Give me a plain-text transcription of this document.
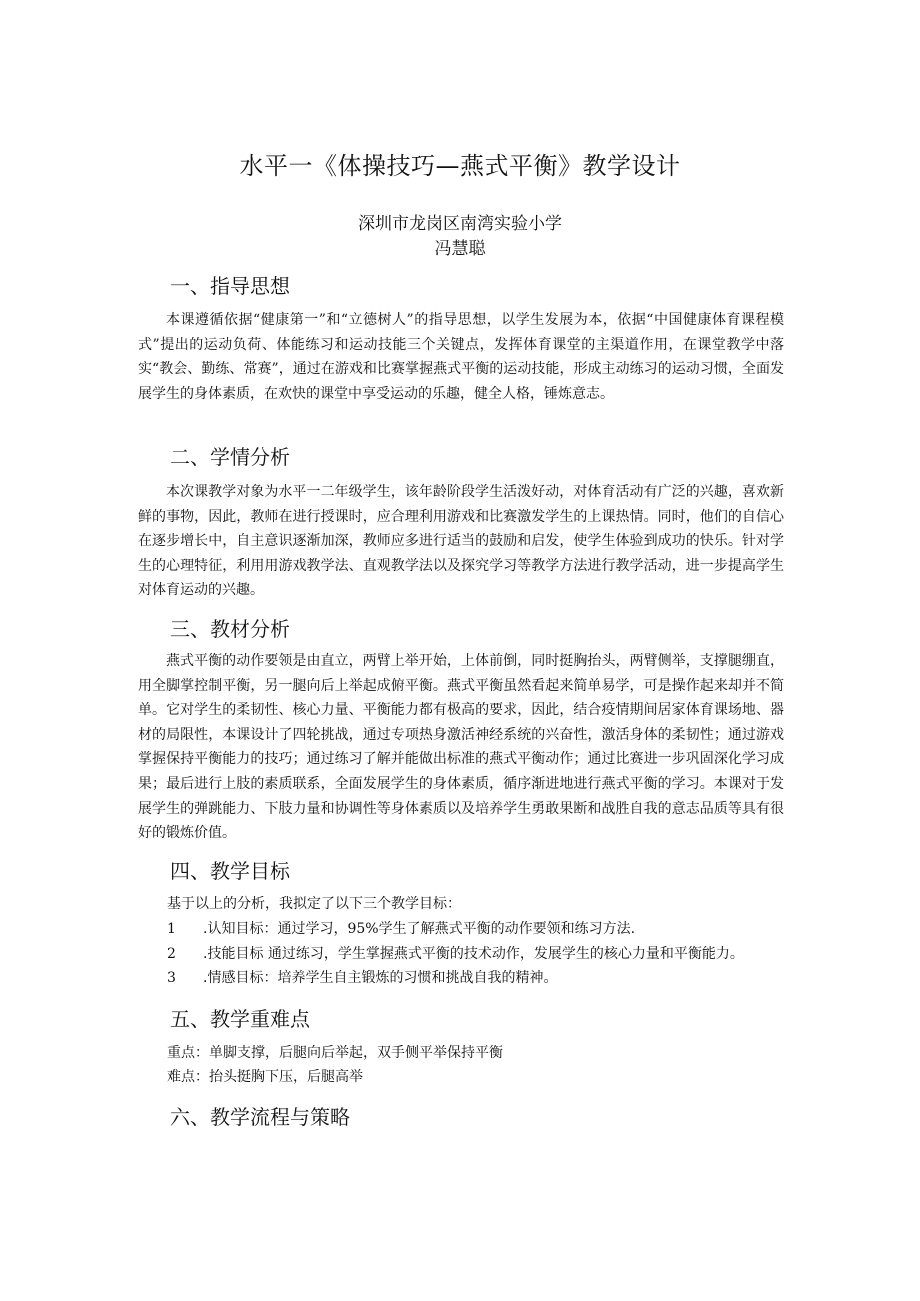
水平一《体操技巧—燕式平衡》教学设计
深圳市龙岗区南湾实验小学
冯慧聪
一、指导思想
本课遵循依据“健康第一”和“立德树人”的指导思想，以学生发展为本，依据“中国健康体育课程模式”提出的运动负荷、体能练习和运动技能三个关键点，发挥体育课堂的主渠道作用，在课堂教学中落实“教会、勤练、常赛”，通过在游戏和比赛掌握燕式平衡的运动技能，形成主动练习的运动习惯，全面发展学生的身体素质，在欢快的课堂中享受运动的乐趣，健全人格，锤炼意志。
二、学情分析
本次课教学对象为水平一二年级学生，该年龄阶段学生活泼好动，对体育活动有广泛的兴趣，喜欢新鲜的事物，因此，教师在进行授课时，应合理利用游戏和比赛激发学生的上课热情。同时，他们的自信心在逐步增长中，自主意识逐渐加深，教师应多进行适当的鼓励和启发，使学生体验到成功的快乐。针对学生的心理特征，利用用游戏教学法、直观教学法以及探究学习等教学方法进行教学活动，进一步提高学生对体育运动的兴趣。
三、教材分析
燕式平衡的动作要领是由直立，两臂上举开始，上体前倒，同时挺胸抬头，两臂侧举，支撑腿绷直，用全脚掌控制平衡，另一腿向后上举起成俯平衡。燕式平衡虽然看起来简单易学，可是操作起来却并不简单。它对学生的柔韧性、核心力量、平衡能力都有极高的要求，因此，结合疫情期间居家体育课场地、器材的局限性，本课设计了四轮挑战，通过专项热身激活神经系统的兴奋性，激活身体的柔韧性；通过游戏掌握保持平衡能力的技巧；通过练习了解并能做出标准的燕式平衡动作；通过比赛进一步巩固深化学习成果；最后进行上肢的素质联系，全面发展学生的身体素质，循序渐进地进行燕式平衡的学习。本课对于发展学生的弹跳能力、下肢力量和协调性等身体素质以及培养学生勇敢果断和战胜自我的意志品质等具有很好的锻炼价值。
四、教学目标
基于以上的分析，我拟定了以下三个教学目标：
1 .认知目标：通过学习，95%学生了解燕式平衡的动作要领和练习方法.
2 .技能目标 通过练习，学生掌握燕式平衡的技术动作，发展学生的核心力量和平衡能力。
3 .情感目标：培养学生自主锻炼的习惯和挑战自我的精神。
五、教学重难点
重点：单脚支撑，后腿向后举起，双手侧平举保持平衡
难点：抬头挺胸下压，后腿高举
六、教学流程与策略
